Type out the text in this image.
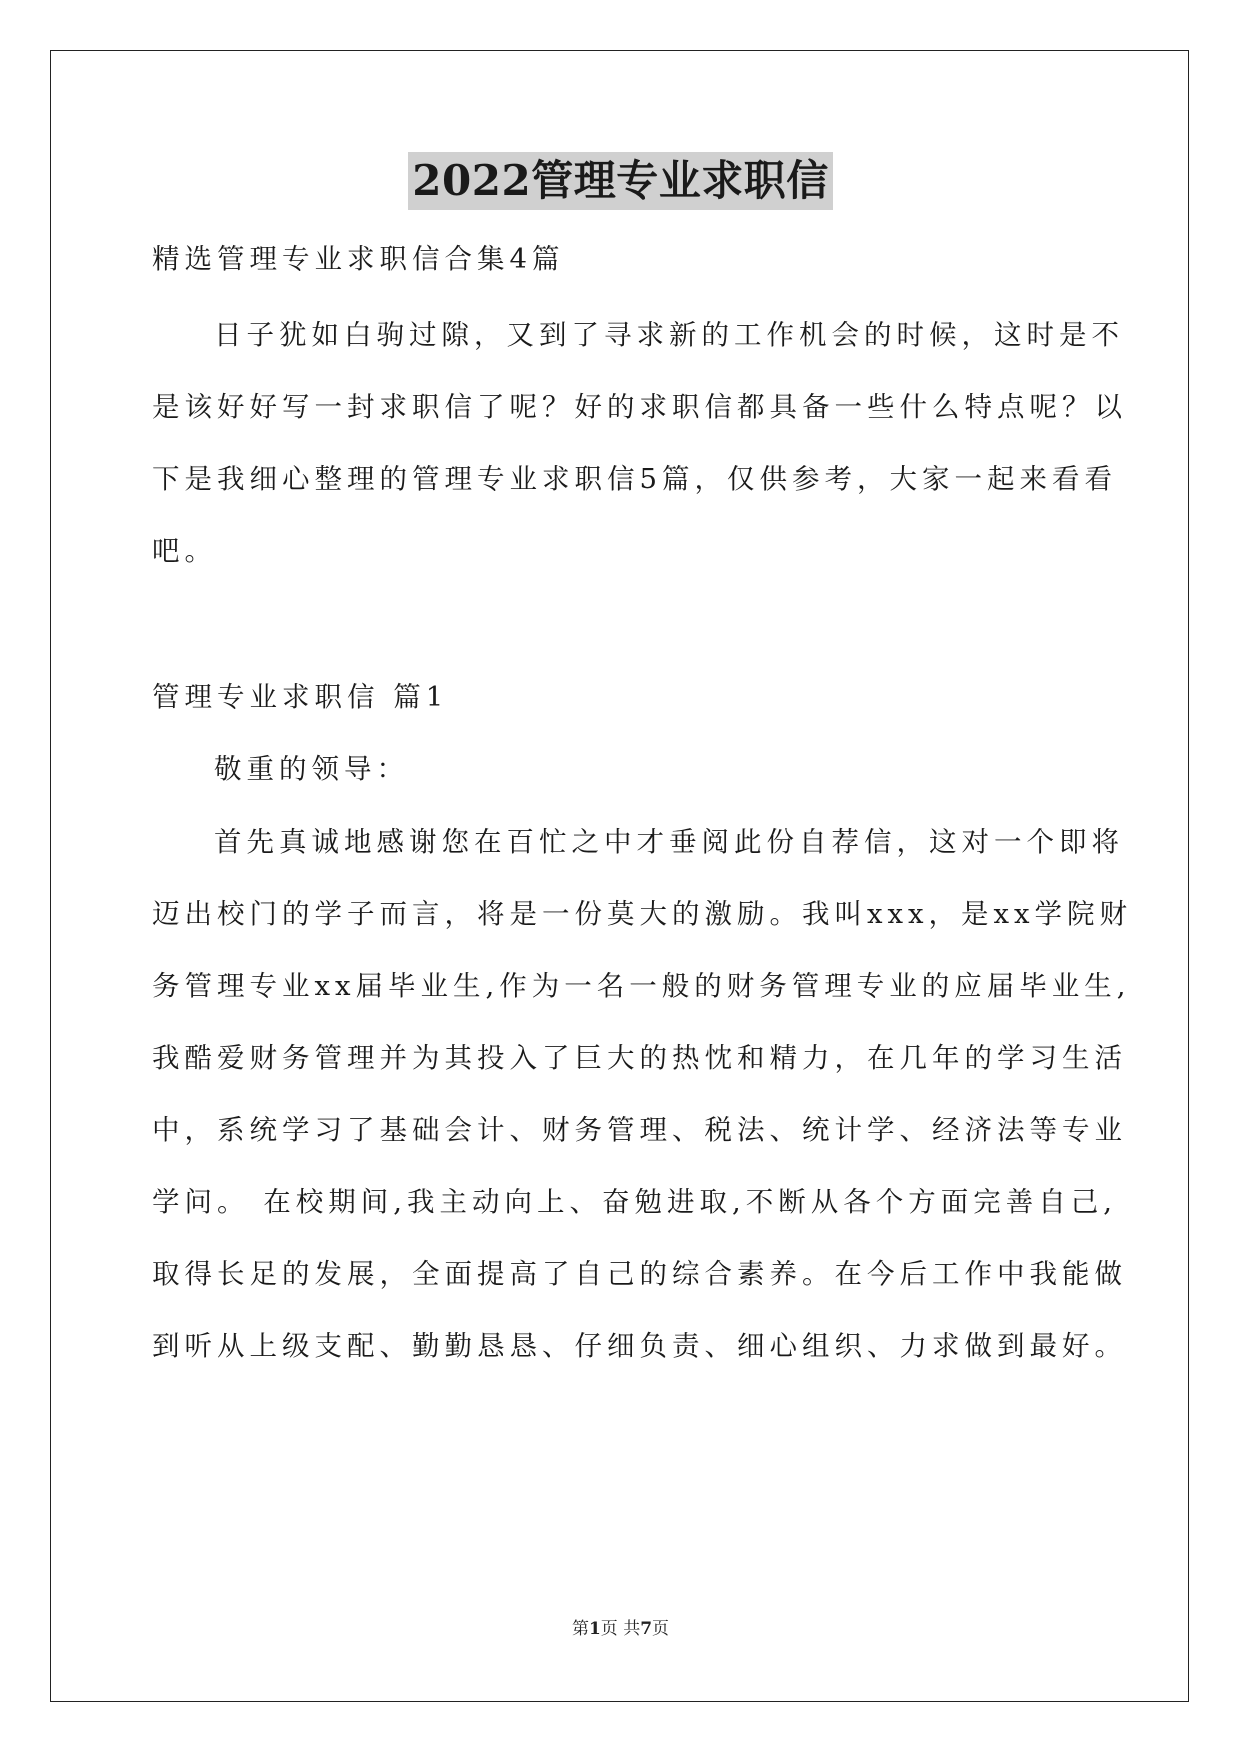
2022管理专业求职信
精选管理专业求职信合集4篇
日子犹如白驹过隙，又到了寻求新的工作机会的时候，这时是不
是该好好写一封求职信了呢？好的求职信都具备一些什么特点呢？以
下是我细心整理的管理专业求职信5篇，仅供参考，大家一起来看看
吧。
管理专业求职信 篇1
敬重的领导：
首先真诚地感谢您在百忙之中才垂阅此份自荐信，这对一个即将
迈出校门的学子而言，将是一份莫大的激励。我叫xxx，是xx学院财
务管理专业xx届毕业生,作为一名一般的财务管理专业的应届毕业生,
我酷爱财务管理并为其投入了巨大的热忱和精力，在几年的学习生活
中，系统学习了基础会计、财务管理、税法、统计学、经济法等专业
学问。 在校期间,我主动向上、奋勉进取,不断从各个方面完善自己,
取得长足的发展，全面提高了自己的综合素养。在今后工作中我能做
到听从上级支配、勤勤恳恳、仔细负责、细心组织、力求做到最好。
第1页 共7页
